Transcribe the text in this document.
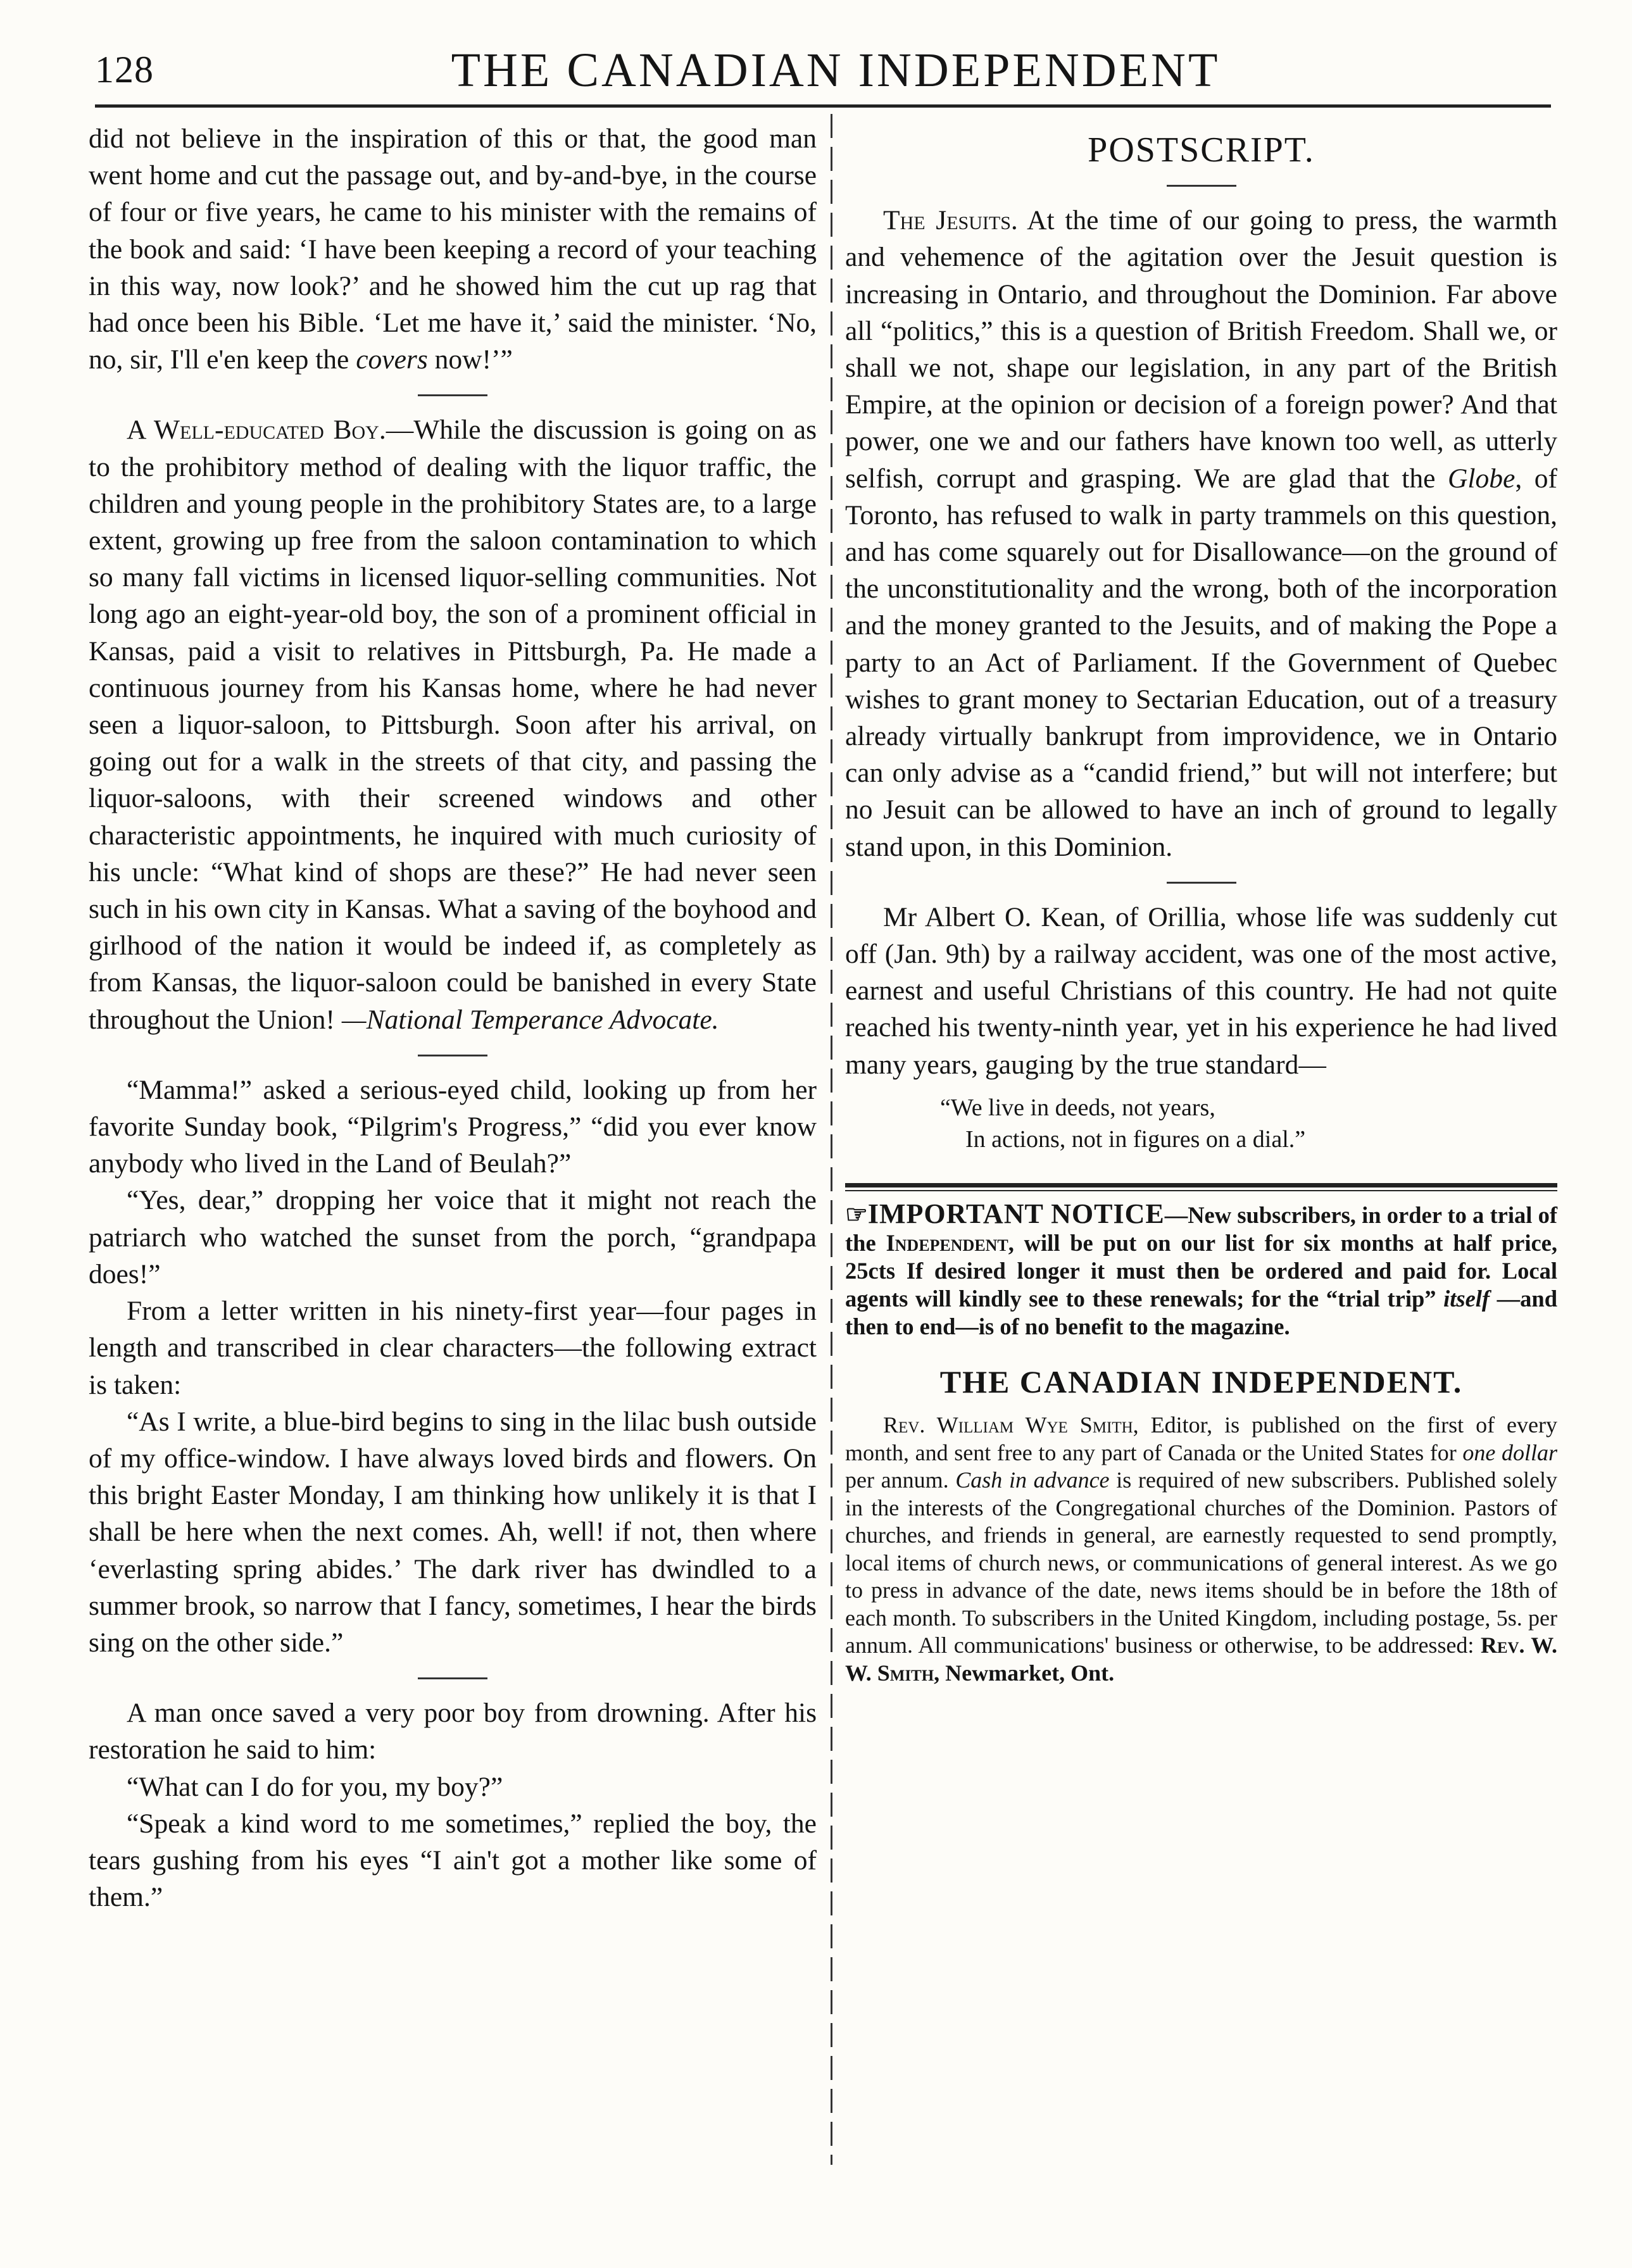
128	THE CANADIAN INDEPENDENT

did not believe in the inspiration of this or that, the good man went home and cut the passage out, and by-and-bye, in the course of four or five years, he came to his minister with the remains of the book and said: ‘I have been keeping a record of your teaching in this way, now look?’ and he showed him the cut up rag that had once been his Bible. ‘Let me have it,’ said the minister. ‘No, no, sir, I'll e'en keep the covers now!’”

A Well-educated Boy.—While the discussion is going on as to the prohibitory method of dealing with the liquor traffic, the children and young people in the prohibitory States are, to a large extent, growing up free from the saloon contamination to which so many fall victims in licensed liquor-selling communities. Not long ago an eight-year-old boy, the son of a prominent official in Kansas, paid a visit to relatives in Pittsburgh, Pa. He made a continuous journey from his Kansas home, where he had never seen a liquor-saloon, to Pittsburgh. Soon after his arrival, on going out for a walk in the streets of that city, and passing the liquor-saloons, with their screened windows and other characteristic appointments, he inquired with much curiosity of his uncle: “What kind of shops are these?” He had never seen such in his own city in Kansas. What a saving of the boyhood and girlhood of the nation it would be indeed if, as completely as from Kansas, the liquor-saloon could be banished in every State throughout the Union! —National Temperance Advocate.

“Mamma!” asked a serious-eyed child, looking up from her favorite Sunday book, “Pilgrim's Progress,” “did you ever know anybody who lived in the Land of Beulah?”

“Yes, dear,” dropping her voice that it might not reach the patriarch who watched the sunset from the porch, “grandpapa does!”

From a letter written in his ninety-first year—four pages in length and transcribed in clear characters—the following extract is taken:

“As I write, a blue-bird begins to sing in the lilac bush outside of my office-window. I have always loved birds and flowers. On this bright Easter Monday, I am thinking how unlikely it is that I shall be here when the next comes. Ah, well! if not, then where ‘everlasting spring abides.’ The dark river has dwindled to a summer brook, so narrow that I fancy, sometimes, I hear the birds sing on the other side.”

A man once saved a very poor boy from drowning. After his restoration he said to him:

“What can I do for you, my boy?”

“Speak a kind word to me sometimes,” replied the boy, the tears gushing from his eyes “I ain't got a mother like some of them.”

POSTSCRIPT.

The Jesuits. At the time of our going to press, the warmth and vehemence of the agitation over the Jesuit question is increasing in Ontario, and throughout the Dominion. Far above all “politics,” this is a question of British Freedom. Shall we, or shall we not, shape our legislation, in any part of the British Empire, at the opinion or decision of a foreign power? And that power, one we and our fathers have known too well, as utterly selfish, corrupt and grasping. We are glad that the Globe, of Toronto, has refused to walk in party trammels on this question, and has come squarely out for Disallowance—on the ground of the unconstitutionality and the wrong, both of the incorporation and the money granted to the Jesuits, and of making the Pope a party to an Act of Parliament. If the Government of Quebec wishes to grant money to Sectarian Education, out of a treasury already virtually bankrupt from improvidence, we in Ontario can only advise as a “candid friend,” but will not interfere; but no Jesuit can be allowed to have an inch of ground to legally stand upon, in this Dominion.

Mr Albert O. Kean, of Orillia, whose life was suddenly cut off (Jan. 9th) by a railway accident, was one of the most active, earnest and useful Christians of this country. He had not quite reached his twenty-ninth year, yet in his experience he had lived many years, gauging by the true standard—

“We live in deeds, not years,
In actions, not in figures on a dial.”

☞IMPORTANT NOTICE—New subscribers, in order to a trial of the Independent, will be put on our list for six months at half price, 25cts If desired longer it must then be ordered and paid for. Local agents will kindly see to these renewals; for the “trial trip” itself —and then to end—is of no benefit to the magazine.

THE CANADIAN INDEPENDENT.

Rev. William Wye Smith, Editor, is published on the first of every month, and sent free to any part of Canada or the United States for one dollar per annum. Cash in advance is required of new subscribers. Published solely in the interests of the Congregational churches of the Dominion. Pastors of churches, and friends in general, are earnestly requested to send promptly, local items of church news, or communications of general interest. As we go to press in advance of the date, news items should be in before the 18th of each month. To subscribers in the United Kingdom, including postage, 5s. per annum. All communications' business or otherwise, to be addressed: Rev. W. W. Smith, Newmarket, Ont.
